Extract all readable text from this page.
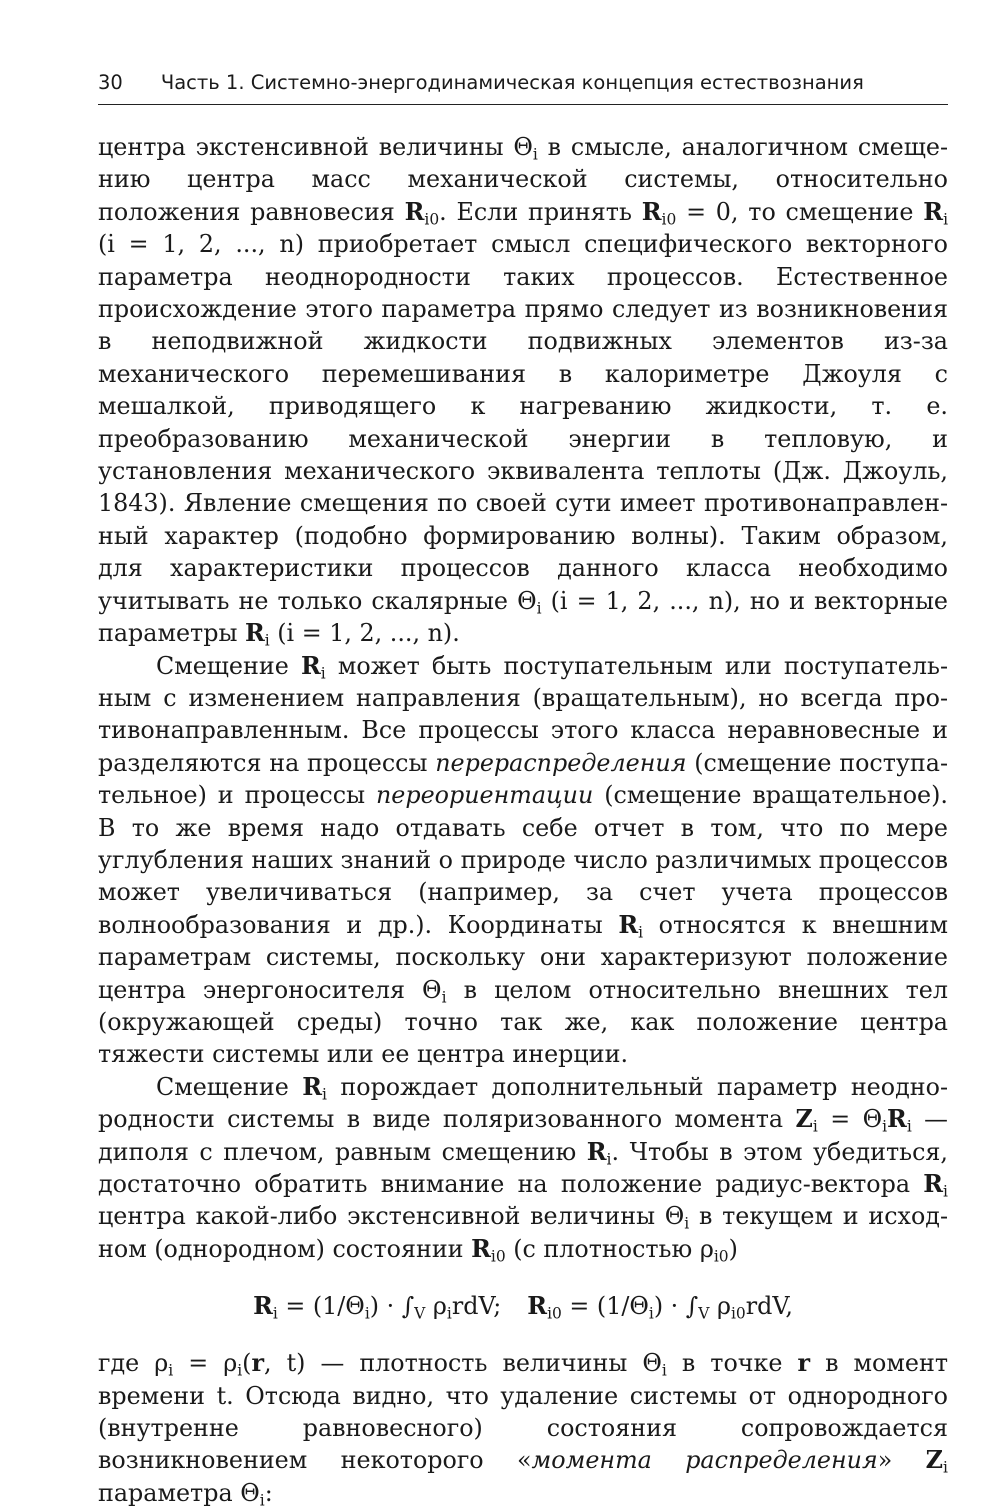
30 Часть 1. Системно-энергодинамическая концепция естествознания

центра экстенсивной величины $\Theta_i$ в смысле, аналогичном смещению центра масс механической системы, относительно положения равновесия $R_{i0}$. Если принять $R_{i0} = 0$, то смещение $R_i$ (i = 1, 2, ..., n) приобретает смысл специфического векторного параметра неоднородности таких процессов. Естественное происхождение этого параметра прямо следует из возникновения в неподвижной жидкости подвижных элементов из-за механического перемешивания в калориметре Джоуля с мешалкой, приводящего к нагреванию жидкости, т. е. преобразованию механической энергии в тепловую, и установления механического эквивалента теплоты (Дж. Джоуль, 1843). Явление смещения по своей сути имеет противонаправленный характер (подобно формированию волны). Таким образом, для характеристики процессов данного класса необходимо учитывать не только скалярные $\Theta_i$ (i = 1, 2, ..., n), но и векторные параметры $R_i$ (i = 1, 2, ..., n).

Смещение $R_i$ может быть поступательным или поступательным с изменением направления (вращательным), но всегда противонаправленным. Все процессы этого класса неравновесные и разделяются на процессы перераспределения (смещение поступательное) и процессы переориентации (смещение вращательное). В то же время надо отдавать себе отчет в том, что по мере углубления наших знаний о природе число различимых процессов может увеличиваться (например, за счет учета процессов волнообразования и др.). Координаты $R_i$ относятся к внешним параметрам системы, поскольку они характеризуют положение центра энергоносителя $\Theta_i$ в целом относительно внешних тел (окружающей среды) точно так же, как положение центра тяжести системы или ее центра инерции.

Смещение $R_i$ порождает дополнительный параметр неоднородности системы в виде поляризованного момента $Z_i = \Theta_iR_i$ — диполя с плечом, равным смещению $R_i$. Чтобы в этом убедиться, достаточно обратить внимание на положение радиус-вектора $R_i$ центра какой-либо экстенсивной величины $\Theta_i$ в текущем и исходном (однородном) состоянии $R_{i0}$ (с плотностью $\rho_{i0}$)

$R_i = (1/\Theta_i) \cdot \int_V$ $\rho_irdV$; $R_{i0} = (1/\Theta_i) \cdot \int_V$ $\rho_{i0}rdV$,

где $\rho_i = \rho_i(r$, t) — плотность величины $\Theta_i$ в точке r в момент времени t. Отсюда видно, что удаление системы от однородного (внутренне равновесного) состояния сопровождается возникновением некоторого «момента распределения» $Z_i$ параметра $\Theta_i$:
